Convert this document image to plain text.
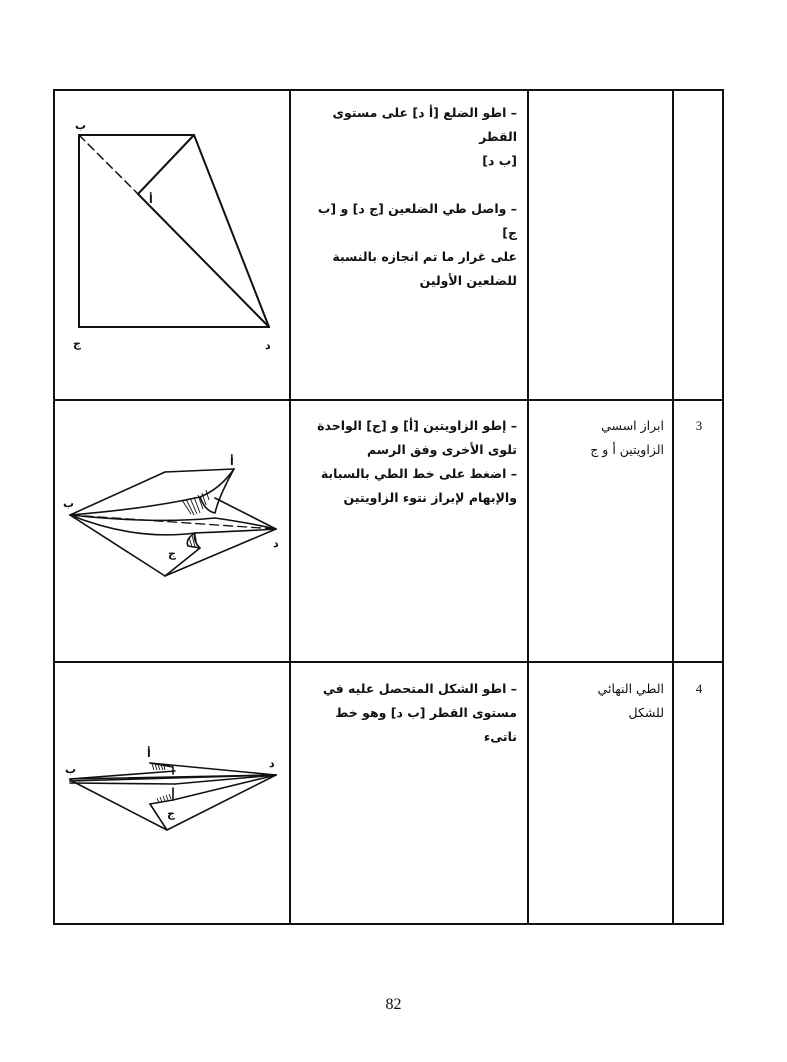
ب
أ
ج	د

– اطو الضلع [أ د] على مستوى القطر

[ب د]

– واصل طي الضلعين [ج د] و [ب ج]

على غرار ما تم انجازه بالنسبة

للضلعين الأولين

أ
ب
د
ج

– إطو الزاويتين [أ] و [ج] الواحدة

تلوى الأخرى وفق الرسم

– اضغط على خط الطي بالسبابة

والإبهام لإبراز نتوء الزاويتين

ابراز اسسي

الزاويتين أ و ج

3
أ
ب	د
ج

– اطو الشكل المتحصل عليه في

مستوى القطر [ب د] وهو خط ناتىء

الطي النهائي

للشكل

4
82
